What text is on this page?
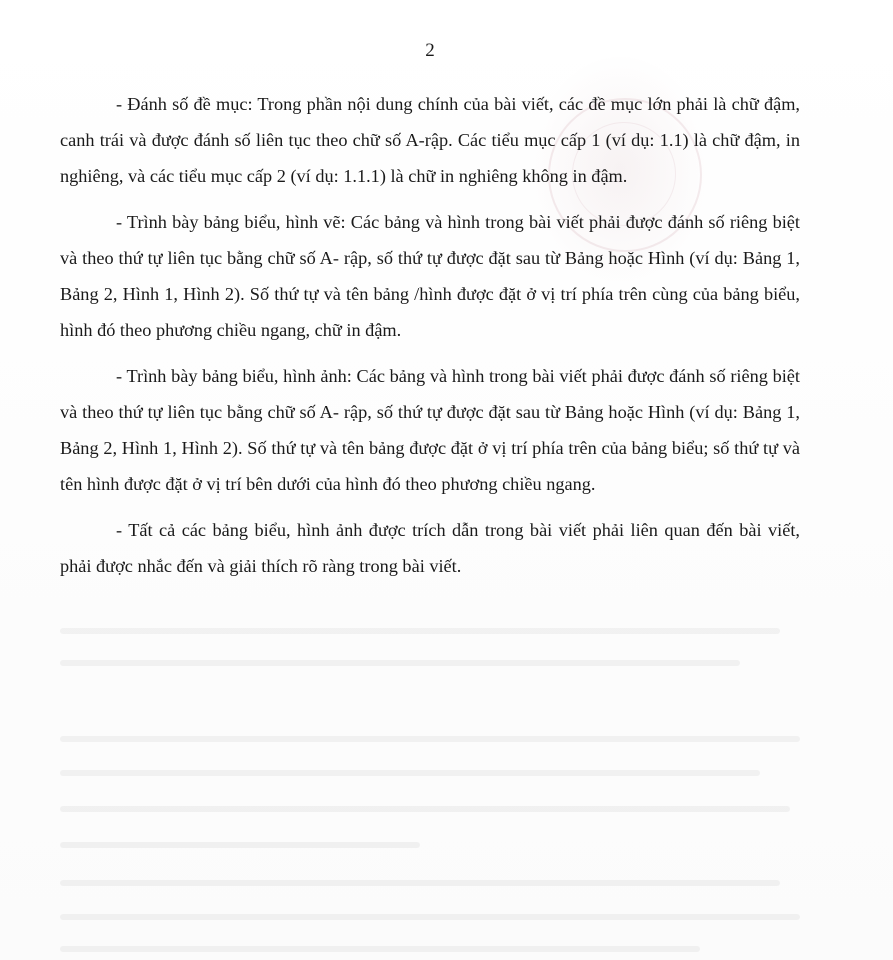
2

- Đánh số đề mục: Trong phần nội dung chính của bài viết, các đề mục lớn phải là chữ đậm, canh trái và được đánh số liên tục theo chữ số A-rập. Các tiểu mục cấp 1 (ví dụ: 1.1) là chữ đậm, in nghiêng, và các tiểu mục cấp 2 (ví dụ: 1.1.1) là chữ in nghiêng không in đậm.

- Trình bày bảng biểu, hình vẽ: Các bảng và hình trong bài viết phải được đánh số riêng biệt và theo thứ tự liên tục bằng chữ số A- rập, số thứ tự được đặt sau từ Bảng hoặc Hình (ví dụ: Bảng 1, Bảng 2, Hình 1, Hình 2). Số thứ tự và tên bảng /hình được đặt ở vị trí phía trên cùng của bảng biểu, hình đó theo phương chiều ngang, chữ in đậm.

- Trình bày bảng biểu, hình ảnh: Các bảng và hình trong bài viết phải được đánh số riêng biệt và theo thứ tự liên tục bằng chữ số A- rập, số thứ tự được đặt sau từ Bảng hoặc Hình (ví dụ: Bảng 1, Bảng 2, Hình 1, Hình 2). Số thứ tự và tên bảng được đặt ở vị trí phía trên của bảng biểu; số thứ tự và tên hình được đặt ở vị trí bên dưới của hình đó theo phương chiều ngang.

- Tất cả các bảng biểu, hình ảnh được trích dẫn trong bài viết phải liên quan đến bài viết, phải được nhắc đến và giải thích rõ ràng trong bài viết.
